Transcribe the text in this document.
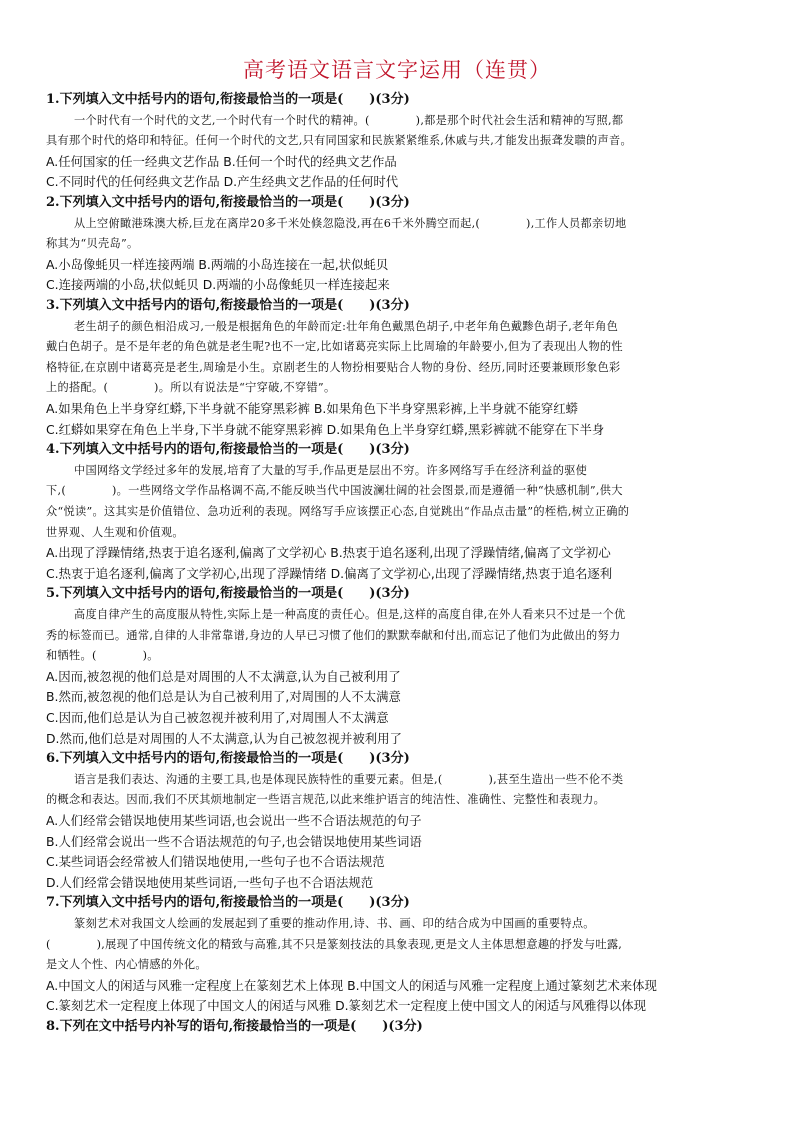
高考语文语言文字运用（连贯）
1.下列填入文中括号内的语句,衔接最恰当的一项是(　　)(3分)
一个时代有一个时代的文艺,一个时代有一个时代的精神。(　　　　),都是那个时代社会生活和精神的写照,都
具有那个时代的烙印和特征。任何一个时代的文艺,只有同国家和民族紧紧维系,休戚与共,才能发出振聋发聩的声音。
A.任何国家的任一经典文艺作品 B.任何一个时代的经典文艺作品
C.不同时代的任何经典文艺作品 D.产生经典文艺作品的任何时代
2.下列填入文中括号内的语句,衔接最恰当的一项是(　　)(3分)
从上空俯瞰港珠澳大桥,巨龙在离岸20多千米处倏忽隐没,再在6千米外腾空而起,(　　　　),工作人员都亲切地
称其为“贝壳岛”。
A.小岛像蚝贝一样连接两端 B.两端的小岛连接在一起,状似蚝贝
C.连接两端的小岛,状似蚝贝 D.两端的小岛像蚝贝一样连接起来
3.下列填入文中括号内的语句,衔接最恰当的一项是(　　)(3分)
老生胡子的颜色相沿成习,一般是根据角色的年龄而定:壮年角色戴黑色胡子,中老年角色戴黪色胡子,老年角色
戴白色胡子。是不是年老的角色就是老生呢?也不一定,比如诸葛亮实际上比周瑜的年龄要小,但为了表现出人物的性
格特征,在京剧中诸葛亮是老生,周瑜是小生。京剧老生的人物扮相要贴合人物的身份、经历,同时还要兼顾形象色彩
上的搭配。(　　　　)。所以有说法是“宁穿破,不穿错”。
A.如果角色上半身穿红蟒,下半身就不能穿黑彩裤 B.如果角色下半身穿黑彩裤,上半身就不能穿红蟒
C.红蟒如果穿在角色上半身,下半身就不能穿黑彩裤 D.如果角色上半身穿红蟒,黑彩裤就不能穿在下半身
4.下列填入文中括号内的语句,衔接最恰当的一项是(　　)(3分)
中国网络文学经过多年的发展,培育了大量的写手,作品更是层出不穷。许多网络写手在经济利益的驱使
下,(　　　　)。一些网络文学作品格调不高,不能反映当代中国波澜壮阔的社会图景,而是遵循一种“快感机制”,供大
众“悦读”。这其实是价值错位、急功近利的表现。网络写手应该摆正心态,自觉跳出“作品点击量”的桎梏,树立正确的
世界观、人生观和价值观。
A.出现了浮躁情绪,热衷于追名逐利,偏离了文学初心 B.热衷于追名逐利,出现了浮躁情绪,偏离了文学初心
C.热衷于追名逐利,偏离了文学初心,出现了浮躁情绪 D.偏离了文学初心,出现了浮躁情绪,热衷于追名逐利
5.下列填入文中括号内的语句,衔接最恰当的一项是(　　)(3分)
高度自律产生的高度服从特性,实际上是一种高度的责任心。但是,这样的高度自律,在外人看来只不过是一个优
秀的标签而已。通常,自律的人非常靠谱,身边的人早已习惯了他们的默默奉献和付出,而忘记了他们为此做出的努力
和牺牲。(　　　　)。
A.因而,被忽视的他们总是对周围的人不太满意,认为自己被利用了
B.然而,被忽视的他们总是认为自己被利用了,对周围的人不太满意
C.因而,他们总是认为自己被忽视并被利用了,对周围人不太满意
D.然而,他们总是对周围的人不太满意,认为自己被忽视并被利用了
6.下列填入文中括号内的语句,衔接最恰当的一项是(　　)(3分)
语言是我们表达、沟通的主要工具,也是体现民族特性的重要元素。但是,(　　　　),甚至生造出一些不伦不类
的概念和表达。因而,我们不厌其烦地制定一些语言规范,以此来维护语言的纯洁性、准确性、完整性和表现力。
A.人们经常会错误地使用某些词语,也会说出一些不合语法规范的句子
B.人们经常会说出一些不合语法规范的句子,也会错误地使用某些词语
C.某些词语会经常被人们错误地使用,一些句子也不合语法规范
D.人们经常会错误地使用某些词语,一些句子也不合语法规范
7.下列填入文中括号内的语句,衔接最恰当的一项是(　　)(3分)
篆刻艺术对我国文人绘画的发展起到了重要的推动作用,诗、书、画、印的结合成为中国画的重要特点。
(　　　　),展现了中国传统文化的精致与高雅,其不只是篆刻技法的具象表现,更是文人主体思想意趣的抒发与吐露,
是文人个性、内心情感的外化。
A.中国文人的闲适与风雅一定程度上在篆刻艺术上体现 B.中国文人的闲适与风雅一定程度上通过篆刻艺术来体现
C.篆刻艺术一定程度上体现了中国文人的闲适与风雅 D.篆刻艺术一定程度上使中国文人的闲适与风雅得以体现
8.下列在文中括号内补写的语句,衔接最恰当的一项是(　　)(3分)
